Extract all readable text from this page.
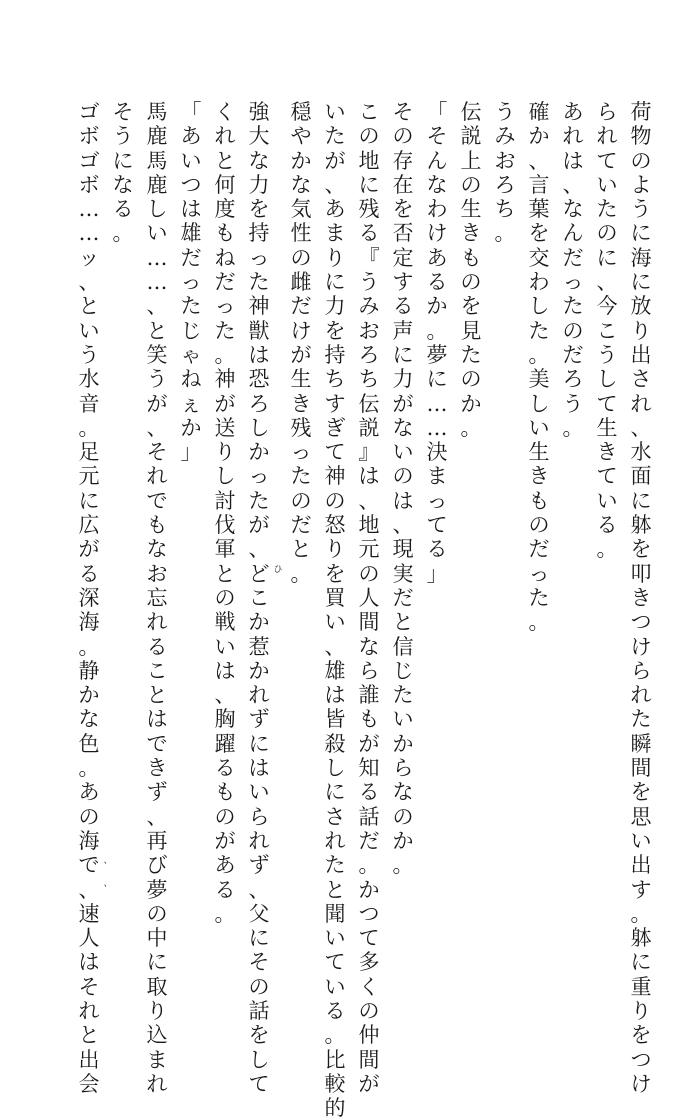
荷
物
の
よ
う
に
海
に
放
り
出
さ
れ
、
水
面
に
躰
を
叩
き
つ
け
ら
れ
た
瞬
間
を
思
い
出
す
。
躰
に
重
り
を
つ
け
ら
れ
て
い
た
の
に
、
今
こ
う
し
て
生
き
て
い
る
。
あ
れ
は
、
な
ん
だ
っ
た
の
だ
ろ
う
。
確
か
、
言
葉
を
交
わ
し
た
。
美
し
い
生
き
も
の
だ
っ
た
。
う
み
お
ろ
ち
。
伝
説
上
の
生
き
も
の
を
見
た
の
か
。
「
そ
ん
な
わ
け
あ
る
か
。
夢
に
…
…
決
ま
っ
て
る
」
そ
の
存
在
を
否
定
す
る
声
に
力
が
な
い
の
は
、
現
実
だ
と
信
じ
た
い
か
ら
な
の
か
。
こ
の
地
に
残
る
『
う
み
お
ろ
ち
伝
説
』
は
、
地
元
の
人
間
な
ら
誰
も
が
知
る
話
だ
。
か
つ
て
多
く
の
仲
間
が
い
た
が
、
あ
ま
り
に
力
を
持
ち
す
ぎ
て
神
の
怒
り
を
買
い
、
雄
は
皆
殺
し
に
さ
れ
た
と
聞
い
て
い
る
。
比
較
的
穏
や
か
な
気
性
の
雌
だ
け
が
生
き
残
っ
た
の
だ
と
。
強
大
な
力
を
持
っ
た
神
獣
は
恐
ろ
し
か
っ
た
が
、
ど
こ
か
惹
か
れ
ず
に
は
い
ら
れ
ず
、
父
に
そ
の
話
を
し
て
く
れ
と
何
度
も
ね
だ
っ
た
。
神
が
送
り
し
討
伐
軍
と
の
戦
い
は
、
胸
躍
る
も
の
が
あ
る
。
「
あ
い
つ
は
雄
だ
っ
た
じ
ゃ
ね
ぇ
か
」
馬
鹿
馬
鹿
し
い
…
…
、
と
笑
う
が
、
そ
れ
で
も
な
お
忘
れ
る
こ
と
は
で
き
ず
、
再
び
夢
の
中
に
取
り
込
ま
れ
そ
う
に
な
る
。
ゴ
ボ
ゴ
ボ
…
…
ッ
、
と
い
う
水
音
。
足
元
に
広
が
る
深
海
。
静
か
な
色
。
あ
の
海
で
、
速
人
は
そ
れ
と
出
会
ひ
、
、
